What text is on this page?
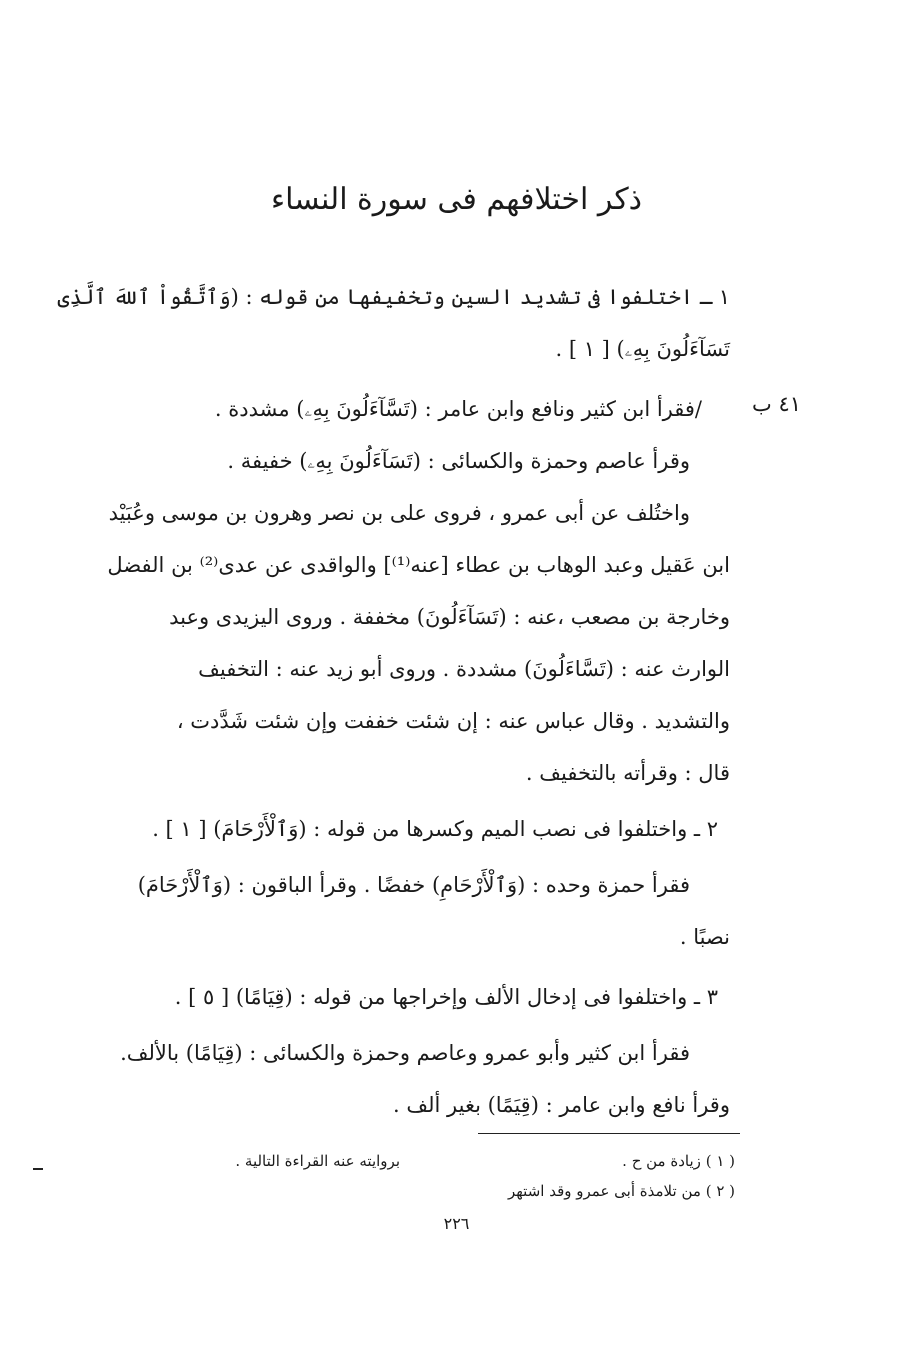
ذكر اختلافهم فى سورة النساء
٤١ ب
١ ـ اختلفوا فى تشديد السين وتخفيفها من قوله : (وَٱتَّقُواْ ٱللهَ ٱلَّذِى
تَسَآءَلُونَ بِهِۦ) [ ١ ] .
/فقرأ ابن كثير ونافع وابن عامر : (تَسَّآءَلُونَ بِهِۦ) مشددة .
وقرأ عاصم وحمزة والكسائى : (تَسَآءَلُونَ بِهِۦ) خفيفة .
واختُلف عن أبى عمرو ، فروى على بن نصر وهرون بن موسى وعُبَيْد
ابن عَقيل وعبد الوهاب بن عطاء [عنه⁽¹⁾] والواقدى عن عدى⁽²⁾ بن الفضل
وخارجة بن مصعب ،عنه : (تَسَآءَلُونَ) مخففة . وروى اليزيدى وعبد
الوارث عنه : (تَسَّاءَلُونَ) مشددة . وروى أبو زيد عنه : التخفيف
والتشديد . وقال عباس عنه : إن شئت خففت وإن شئت شَدَّدت ،
قال : وقرأته بالتخفيف .
٢ ـ واختلفوا فى نصب الميم وكسرها من قوله : (وَٱلْأَرْحَامَ) [ ١ ] .
فقرأ حمزة وحده : (وَٱلْأَرْحَامِ) خفضًا . وقرأ الباقون : (وَٱلْأَرْحَامَ)
نصبًا .
٣ ـ واختلفوا فى إدخال الألف وإخراجها من قوله : (قِيَامًا) [ ٥ ] .
فقرأ ابن كثير وأبو عمرو وعاصم وحمزة والكسائى : (قِيَامًا) بالألف.
وقرأ نافع وابن عامر : (قِيَمًا) بغير ألف .
( ١ ) زيادة من ح .
( ٢ ) من تلامذة أبى عمرو وقد اشتهر
بروايته عنه القراءة التالية .
٢٢٦
